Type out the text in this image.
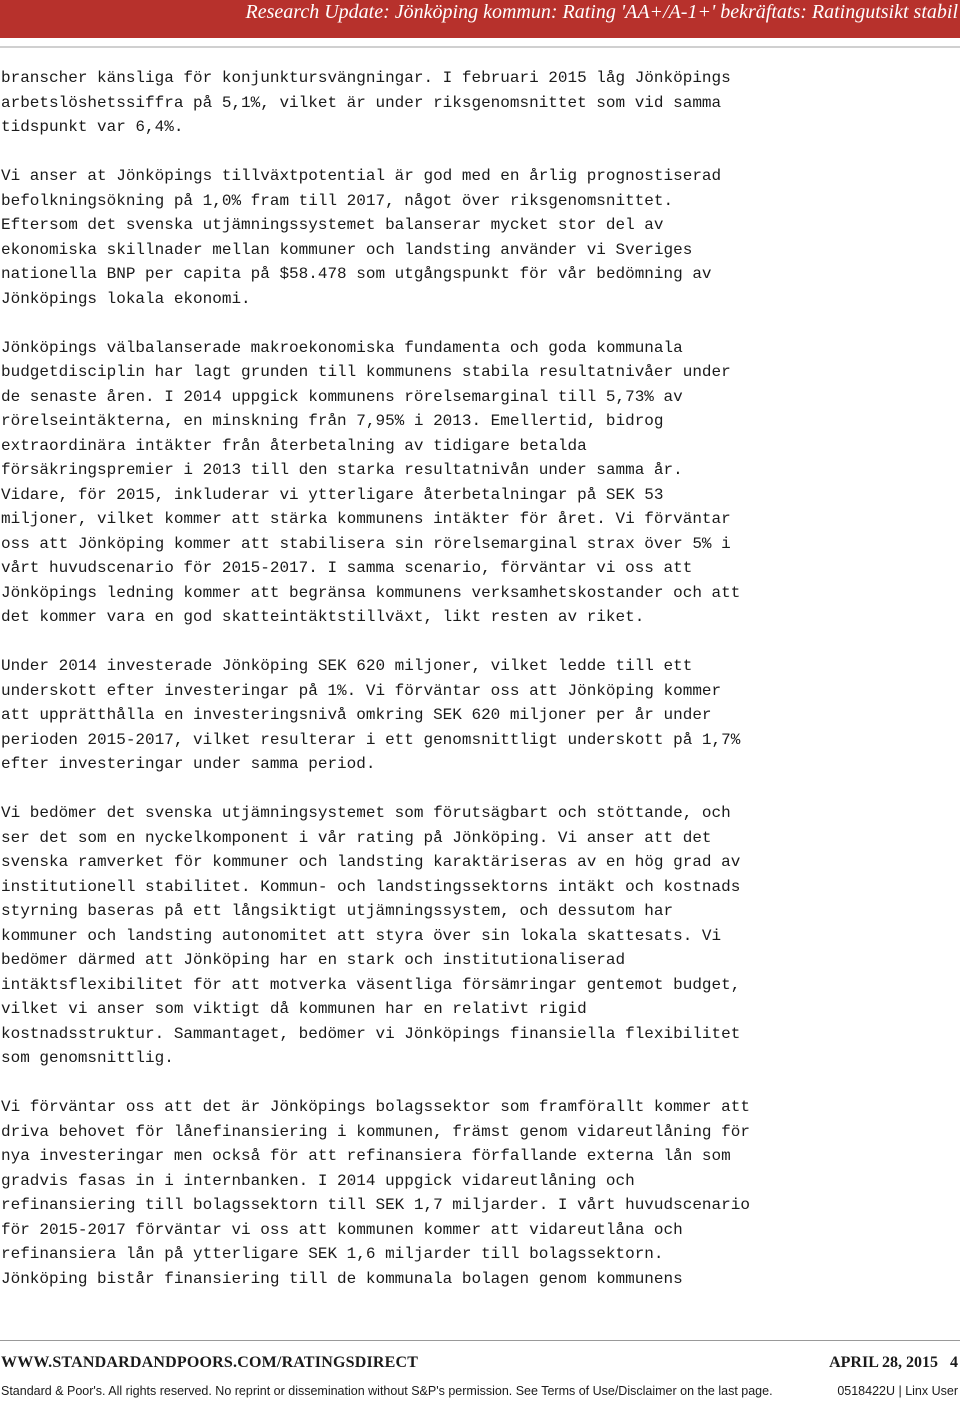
Research Update: Jönköping kommun: Rating 'AA+/A-1+' bekräftats: Ratingutsikt stabil
branscher känsliga för konjunktursvängningar. I februari 2015 låg Jönköpings
arbetslöshetssiffra på 5,1%, vilket är under riksgenomsnittet som vid samma
tidspunkt var 6,4%.
Vi anser at Jönköpings tillväxtpotential är god med en årlig prognostiserad
befolkningsökning på 1,0% fram till 2017, något över riksgenomsnittet.
Eftersom det svenska utjämningssystemet balanserar mycket stor del av
ekonomiska skillnader mellan kommuner och landsting använder vi Sveriges
nationella BNP per capita på $58.478 som utgångspunkt för vår bedömning av
Jönköpings lokala ekonomi.
Jönköpings välbalanserade makroekonomiska fundamenta och goda kommunala
budgetdisciplin har lagt grunden till kommunens stabila resultatnivåer under
de senaste åren. I 2014 uppgick kommunens rörelsemarginal till 5,73% av
rörelseintäkterna, en minskning från 7,95% i 2013. Emellertid, bidrog
extraordinära intäkter från återbetalning av tidigare betalda
försäkringspremier i 2013 till den starka resultatnivån under samma år.
Vidare, för 2015, inkluderar vi ytterligare återbetalningar på SEK 53
miljoner, vilket kommer att stärka kommunens intäkter för året. Vi förväntar
oss att Jönköping kommer att stabilisera sin rörelsemarginal strax över 5% i
vårt huvudscenario för 2015-2017. I samma scenario, förväntar vi oss att
Jönköpings ledning kommer att begränsa kommunens verksamhetskostander och att
det kommer vara en god skatteintäktstillväxt, likt resten av riket.
Under 2014 investerade Jönköping SEK 620 miljoner, vilket ledde till ett
underskott efter investeringar på 1%. Vi förväntar oss att Jönköping kommer
att upprätthålla en investeringsnivå omkring SEK 620 miljoner per år under
perioden 2015-2017, vilket resulterar i ett genomsnittligt underskott på 1,7%
efter investeringar under samma period.
Vi bedömer det svenska utjämningsystemet som förutsägbart och stöttande, och
ser det som en nyckelkomponent i vår rating på Jönköping. Vi anser att det
svenska ramverket för kommuner och landsting karaktäriseras av en hög grad av
institutionell stabilitet. Kommun- och landstingssektorns intäkt och kostnads
styrning baseras på ett långsiktigt utjämningssystem, och dessutom har
kommuner och landsting autonomitet att styra över sin lokala skattesats. Vi
bedömer därmed att Jönköping har en stark och institutionaliserad
intäktsflexibilitet för att motverka väsentliga försämringar gentemot budget,
vilket vi anser som viktigt då kommunen har en relativt rigid
kostnadsstruktur. Sammantaget, bedömer vi Jönköpings finansiella flexibilitet
som genomsnittlig.
Vi förväntar oss att det är Jönköpings bolagssektor som framförallt kommer att
driva behovet för lånefinansiering i kommunen, främst genom vidareutlåning för
nya investeringar men också för att refinansiera förfallande externa lån som
gradvis fasas in i internbanken. I 2014 uppgick vidareutlåning och
refinansiering till bolagssektorn till SEK 1,7 miljarder. I vårt huvudscenario
för 2015-2017 förväntar vi oss att kommunen kommer att vidareutlåna och
refinansiera lån på ytterligare SEK 1,6 miljarder till bolagssektorn.
Jönköping bistår finansiering till de kommunala bolagen genom kommunens
WWW.STANDARDANDPOORS.COM/RATINGSDIRECT	APRIL 28, 2015 4
Standard & Poor's. All rights reserved. No reprint or dissemination without S&P's permission. See Terms of Use/Disclaimer on the last page.	0518422U | Linx User
